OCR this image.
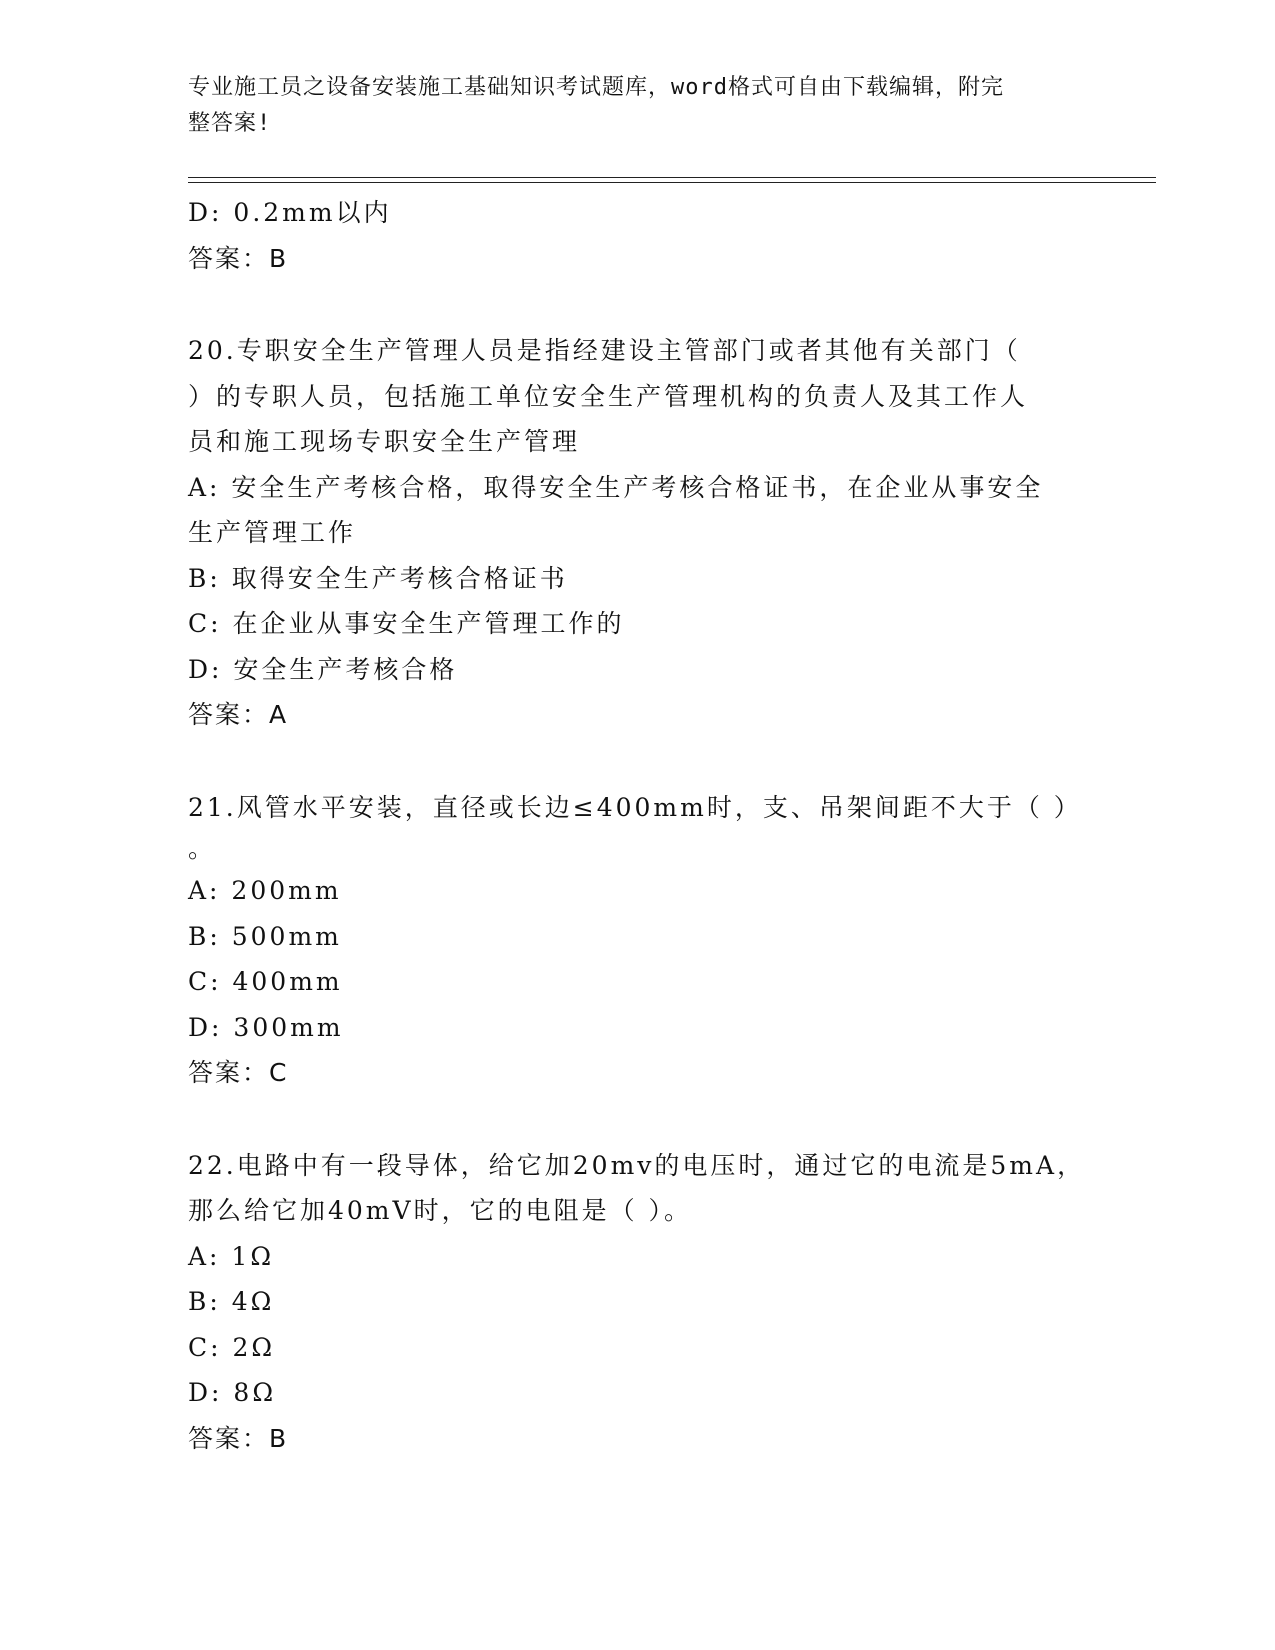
专业施工员之设备安装施工基础知识考试题库，word格式可自由下载编辑，附完
整答案!
D: 0.2mm以内
答案：B
20.专职安全生产管理人员是指经建设主管部门或者其他有关部门（
）的专职人员，包括施工单位安全生产管理机构的负责人及其工作人
员和施工现场专职安全生产管理
A: 安全生产考核合格，取得安全生产考核合格证书，在企业从事安全
生产管理工作
B: 取得安全生产考核合格证书
C: 在企业从事安全生产管理工作的
D: 安全生产考核合格
答案：A
21.风管水平安装，直径或长边≤400mm时，支、吊架间距不大于（ ）
。
A: 200mm
B: 500mm
C: 400mm
D: 300mm
答案：C
22.电路中有一段导体，给它加20mv的电压时，通过它的电流是5mA，
那么给它加40mV时，它的电阻是（ ）。
A: 1Ω
B: 4Ω
C: 2Ω
D: 8Ω
答案：B
